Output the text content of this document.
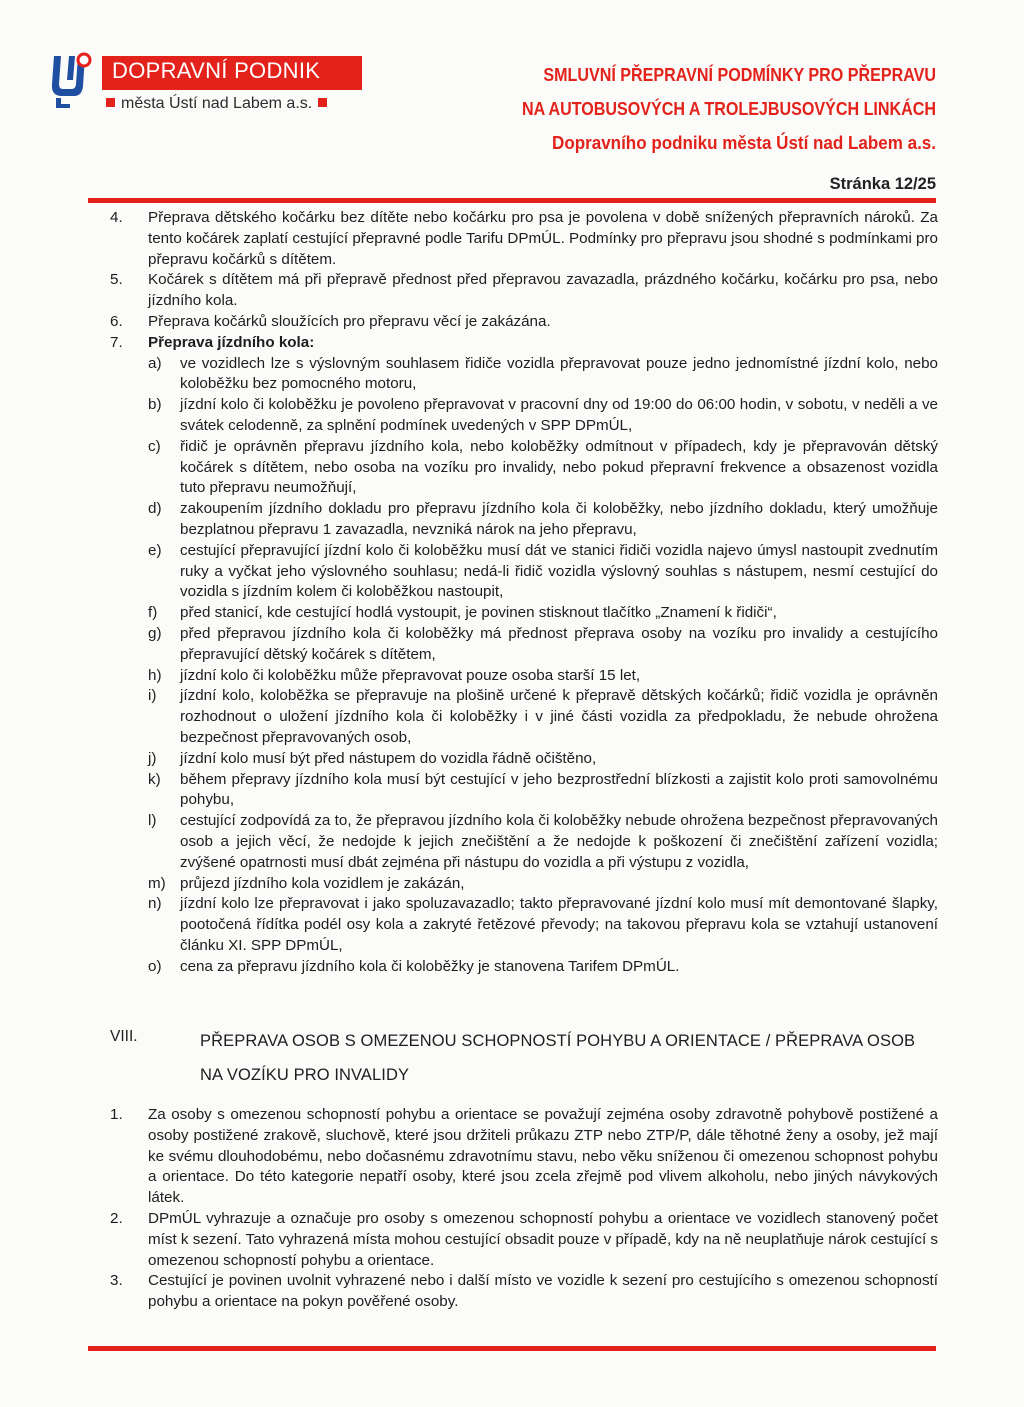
DOPRAVNÍ PODNIK
města Ústí nad Labem a.s.
SMLUVNÍ PŘEPRAVNÍ PODMÍNKY PRO PŘEPRAVU
NA AUTOBUSOVÝCH A TROLEJBUSOVÝCH LINKÁCH
Dopravního podniku města Ústí nad Labem a.s.
Stránka 12/25
4. Přeprava dětského kočárku bez dítěte nebo kočárku pro psa je povolena v době snížených přepravních nároků. Za tento kočárek zaplatí cestující přepravné podle Tarifu DPmÚL. Podmínky pro přepravu jsou shodné s podmínkami pro přepravu kočárků s dítětem.
5. Kočárek s dítětem má při přepravě přednost před přepravou zavazadla, prázdného kočárku, kočárku pro psa, nebo jízdního kola.
6. Přeprava kočárků sloužících pro přepravu věcí je zakázána.
7. Přeprava jízdního kola:
a) ve vozidlech lze s výslovným souhlasem řidiče vozidla přepravovat pouze jedno jednomístné jízdní kolo, nebo koloběžku bez pomocného motoru,
b) jízdní kolo či koloběžku je povoleno přepravovat v pracovní dny od 19:00 do 06:00 hodin, v sobotu, v neděli a ve svátek celodenně, za splnění podmínek uvedených v SPP DPmÚL,
c) řidič je oprávněn přepravu jízdního kola, nebo koloběžky odmítnout v případech, kdy je přepravován dětský kočárek s dítětem, nebo osoba na vozíku pro invalidy, nebo pokud přepravní frekvence a obsazenost vozidla tuto přepravu neumožňují,
d) zakoupením jízdního dokladu pro přepravu jízdního kola či koloběžky, nebo jízdního dokladu, který umožňuje bezplatnou přepravu 1 zavazadla, nevzniká nárok na jeho přepravu,
e) cestující přepravující jízdní kolo či koloběžku musí dát ve stanici řidiči vozidla najevo úmysl nastoupit zvednutím ruky a vyčkat jeho výslovného souhlasu; nedá-li řidič vozidla výslovný souhlas s nástupem, nesmí cestující do vozidla s jízdním kolem či koloběžkou nastoupit,
f) před stanicí, kde cestující hodlá vystoupit, je povinen stisknout tlačítko „Znamení k řidiči“,
g) před přepravou jízdního kola či koloběžky má přednost přeprava osoby na vozíku pro invalidy a cestujícího přepravující dětský kočárek s dítětem,
h) jízdní kolo či koloběžku může přepravovat pouze osoba starší 15 let,
i) jízdní kolo, koloběžka se přepravuje na plošině určené k přepravě dětských kočárků; řidič vozidla je oprávněn rozhodnout o uložení jízdního kola či koloběžky i v jiné části vozidla za předpokladu, že nebude ohrožena bezpečnost přepravovaných osob,
j) jízdní kolo musí být před nástupem do vozidla řádně očištěno,
k) během přepravy jízdního kola musí být cestující v jeho bezprostřední blízkosti a zajistit kolo proti samovolnému pohybu,
l) cestující zodpovídá za to, že přepravou jízdního kola či koloběžky nebude ohrožena bezpečnost přepravovaných osob a jejich věcí, že nedojde k jejich znečištění a že nedojde k poškození či znečištění zařízení vozidla; zvýšené opatrnosti musí dbát zejména při nástupu do vozidla a při výstupu z vozidla,
m) průjezd jízdního kola vozidlem je zakázán,
n) jízdní kolo lze přepravovat i jako spoluzavazadlo; takto přepravované jízdní kolo musí mít demontované šlapky, pootočená řídítka podél osy kola a zakryté řetězové převody; na takovou přepravu kola se vztahují ustanovení článku XI. SPP DPmÚL,
o) cena za přepravu jízdního kola či koloběžky je stanovena Tarifem DPmÚL.
VIII.	PŘEPRAVA OSOB S OMEZENOU SCHOPNOSTÍ POHYBU A ORIENTACE / PŘEPRAVA OSOB NA VOZÍKU PRO INVALIDY
1. Za osoby s omezenou schopností pohybu a orientace se považují zejména osoby zdravotně pohybově postižené a osoby postižené zrakově, sluchově, které jsou držiteli průkazu ZTP nebo ZTP/P, dále těhotné ženy a osoby, jež mají ke svému dlouhodobému, nebo dočasnému zdravotnímu stavu, nebo věku sníženou či omezenou schopnost pohybu a orientace. Do této kategorie nepatří osoby, které jsou zcela zřejmě pod vlivem alkoholu, nebo jiných návykových látek.
2. DPmÚL vyhrazuje a označuje pro osoby s omezenou schopností pohybu a orientace ve vozidlech stanovený počet míst k sezení. Tato vyhrazená místa mohou cestující obsadit pouze v případě, kdy na ně neuplatňuje nárok cestující s omezenou schopností pohybu a orientace.
3. Cestující je povinen uvolnit vyhrazené nebo i další místo ve vozidle k sezení pro cestujícího s omezenou schopností pohybu a orientace na pokyn pověřené osoby.
